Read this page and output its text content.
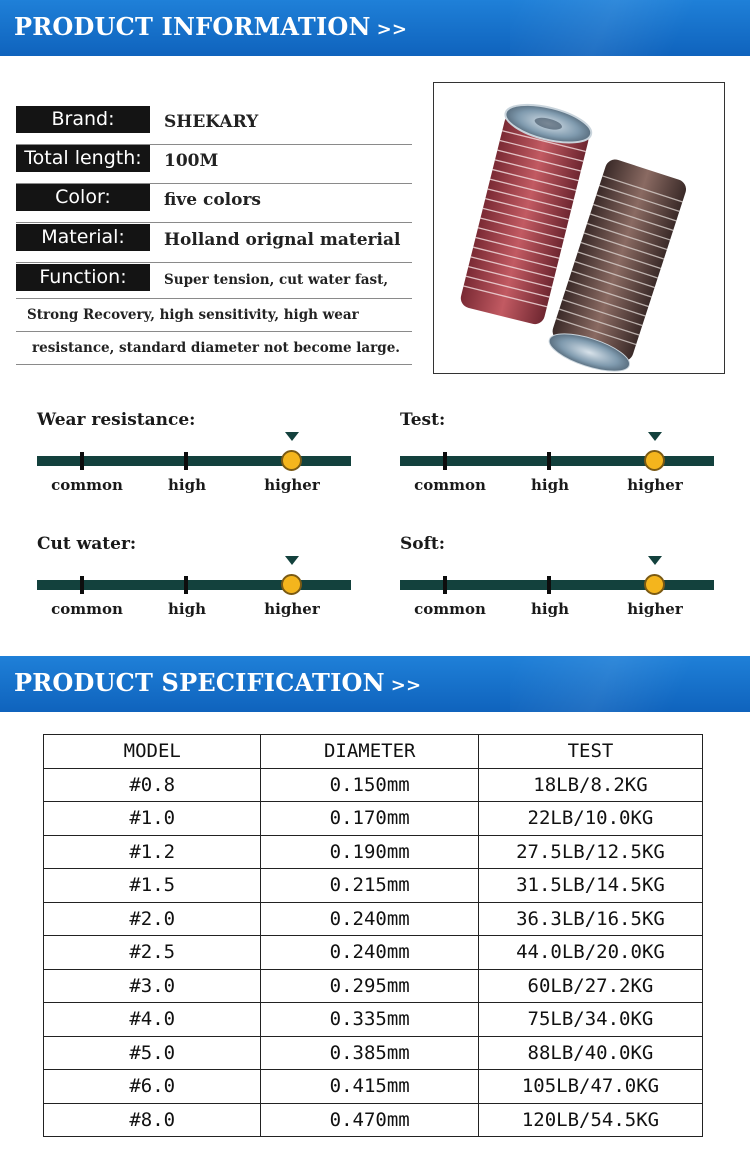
PRODUCT INFORMATION >>
Brand:	SHEKARY
Total length:	100M
Color:	five colors
Material:	Holland orignal material
Function:	Super tension, cut water fast,
Strong Recovery, high sensitivity, high wear
resistance, standard diameter not become large.
Wear resistance:
common	high	higher
Test:
common	high	higher
Cut water:
common	high	higher
Soft:
common	high	higher
PRODUCT SPECIFICATION >>
MODEL	DIAMETER	TEST
#0.8	0.150mm	18LB/8.2KG
#1.0	0.170mm	22LB/10.0KG
#1.2	0.190mm	27.5LB/12.5KG
#1.5	0.215mm	31.5LB/14.5KG
#2.0	0.240mm	36.3LB/16.5KG
#2.5	0.240mm	44.0LB/20.0KG
#3.0	0.295mm	60LB/27.2KG
#4.0	0.335mm	75LB/34.0KG
#5.0	0.385mm	88LB/40.0KG
#6.0	0.415mm	105LB/47.0KG
#8.0	0.470mm	120LB/54.5KG
